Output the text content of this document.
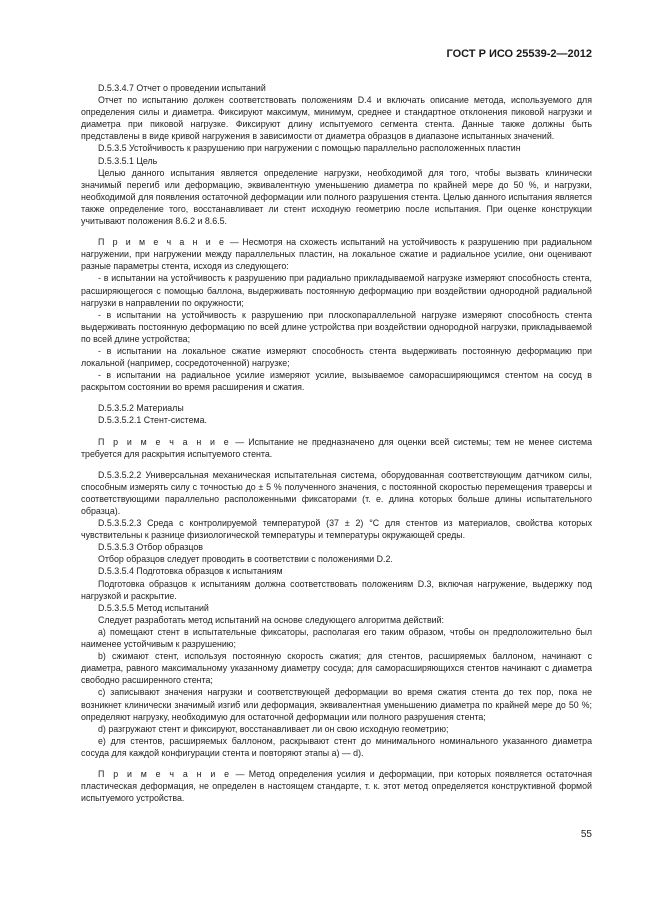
ГОСТ Р ИСО 25539-2—2012

D.5.3.4.7 Отчет о проведении испытаний

Отчет по испытанию должен соответствовать положениям D.4 и включать описание метода, используемого для определения силы и диаметра. Фиксируют максимум, минимум, среднее и стандартное отклонения пиковой нагрузки и диаметра при пиковой нагрузке. Фиксируют длину испытуемого сегмента стента. Данные также должны быть представлены в виде кривой нагружения в зависимости от диаметра образцов в диапазоне испытанных значений.

D.5.3.5 Устойчивость к разрушению при нагружении с помощью параллельно расположенных пластин

D.5.3.5.1 Цель

Целью данного испытания является определение нагрузки, необходимой для того, чтобы вызвать клинически значимый перегиб или деформацию, эквивалентную уменьшению диаметра по крайней мере до 50 %, и нагрузки, необходимой для появления остаточной деформации или полного разрушения стента. Целью данного испытания является также определение того, восстанавливает ли стент исходную геометрию после испытания. При оценке конструкции учитывают положения 8.6.2 и 8.6.5.

П р и м е ч а н и е — Несмотря на схожесть испытаний на устойчивость к разрушению при радиальном нагружении, при нагружении между параллельных пластин, на локальное сжатие и радиальное усилие, они оценивают разные параметры стента, исходя из следующего:

- в испытании на устойчивость к разрушению при радиально прикладываемой нагрузке измеряют способность стента, расширяющегося с помощью баллона, выдерживать постоянную деформацию при воздействии однородной радиальной нагрузки в направлении по окружности;

- в испытании на устойчивость к разрушению при плоскопараллельной нагрузке измеряют способность стента выдерживать постоянную деформацию по всей длине устройства при воздействии однородной нагрузки, прикладываемой по всей длине устройства;

- в испытании на локальное сжатие измеряют способность стента выдерживать постоянную деформацию при локальной (например, сосредоточенной) нагрузке;

- в испытании на радиальное усилие измеряют усилие, вызываемое саморасширяющимся стентом на сосуд в раскрытом состоянии во время расширения и сжатия.

D.5.3.5.2 Материалы

D.5.3.5.2.1 Стент-система.

П р и м е ч а н и е — Испытание не предназначено для оценки всей системы; тем не менее система требуется для раскрытия испытуемого стента.

D.5.3.5.2.2 Универсальная механическая испытательная система, оборудованная соответствующим датчиком силы, способным измерять силу с точностью до ± 5 % полученного значения, с постоянной скоростью перемещения траверсы и соответствующими параллельно расположенными фиксаторами (т. е. длина которых больше длины испытательного образца).

D.5.3.5.2.3 Среда с контролируемой температурой (37 ± 2) °С для стентов из материалов, свойства которых чувствительны к разнице физиологической температуры и температуры окружающей среды.

D.5.3.5.3 Отбор образцов

Отбор образцов следует проводить в соответствии с положениями D.2.

D.5.3.5.4 Подготовка образцов к испытаниям

Подготовка образцов к испытаниям должна соответствовать положениям D.3, включая нагружение, выдержку под нагрузкой и раскрытие.

D.5.3.5.5 Метод испытаний

Следует разработать метод испытаний на основе следующего алгоритма действий:

a) помещают стент в испытательные фиксаторы, располагая его таким образом, чтобы он предположительно был наименее устойчивым к разрушению;

b) сжимают стент, используя постоянную скорость сжатия; для стентов, расширяемых баллоном, начинают с диаметра, равного максимальному указанному диаметру сосуда; для саморасширяющихся стентов начинают с диаметра свободно расширенного стента;

c) записывают значения нагрузки и соответствующей деформации во время сжатия стента до тех пор, пока не возникнет клинически значимый изгиб или деформация, эквивалентная уменьшению диаметра по крайней мере до 50 %; определяют нагрузку, необходимую для остаточной деформации или полного разрушения стента;

d) разгружают стент и фиксируют, восстанавливает ли он свою исходную геометрию;

e) для стентов, расширяемых баллоном, раскрывают стент до минимального номинального указанного диаметра сосуда для каждой конфигурации стента и повторяют этапы a) — d).

П р и м е ч а н и е — Метод определения усилия и деформации, при которых появляется остаточная пластическая деформация, не определен в настоящем стандарте, т. к. этот метод определяется конструктивной формой испытуемого устройства.

55
